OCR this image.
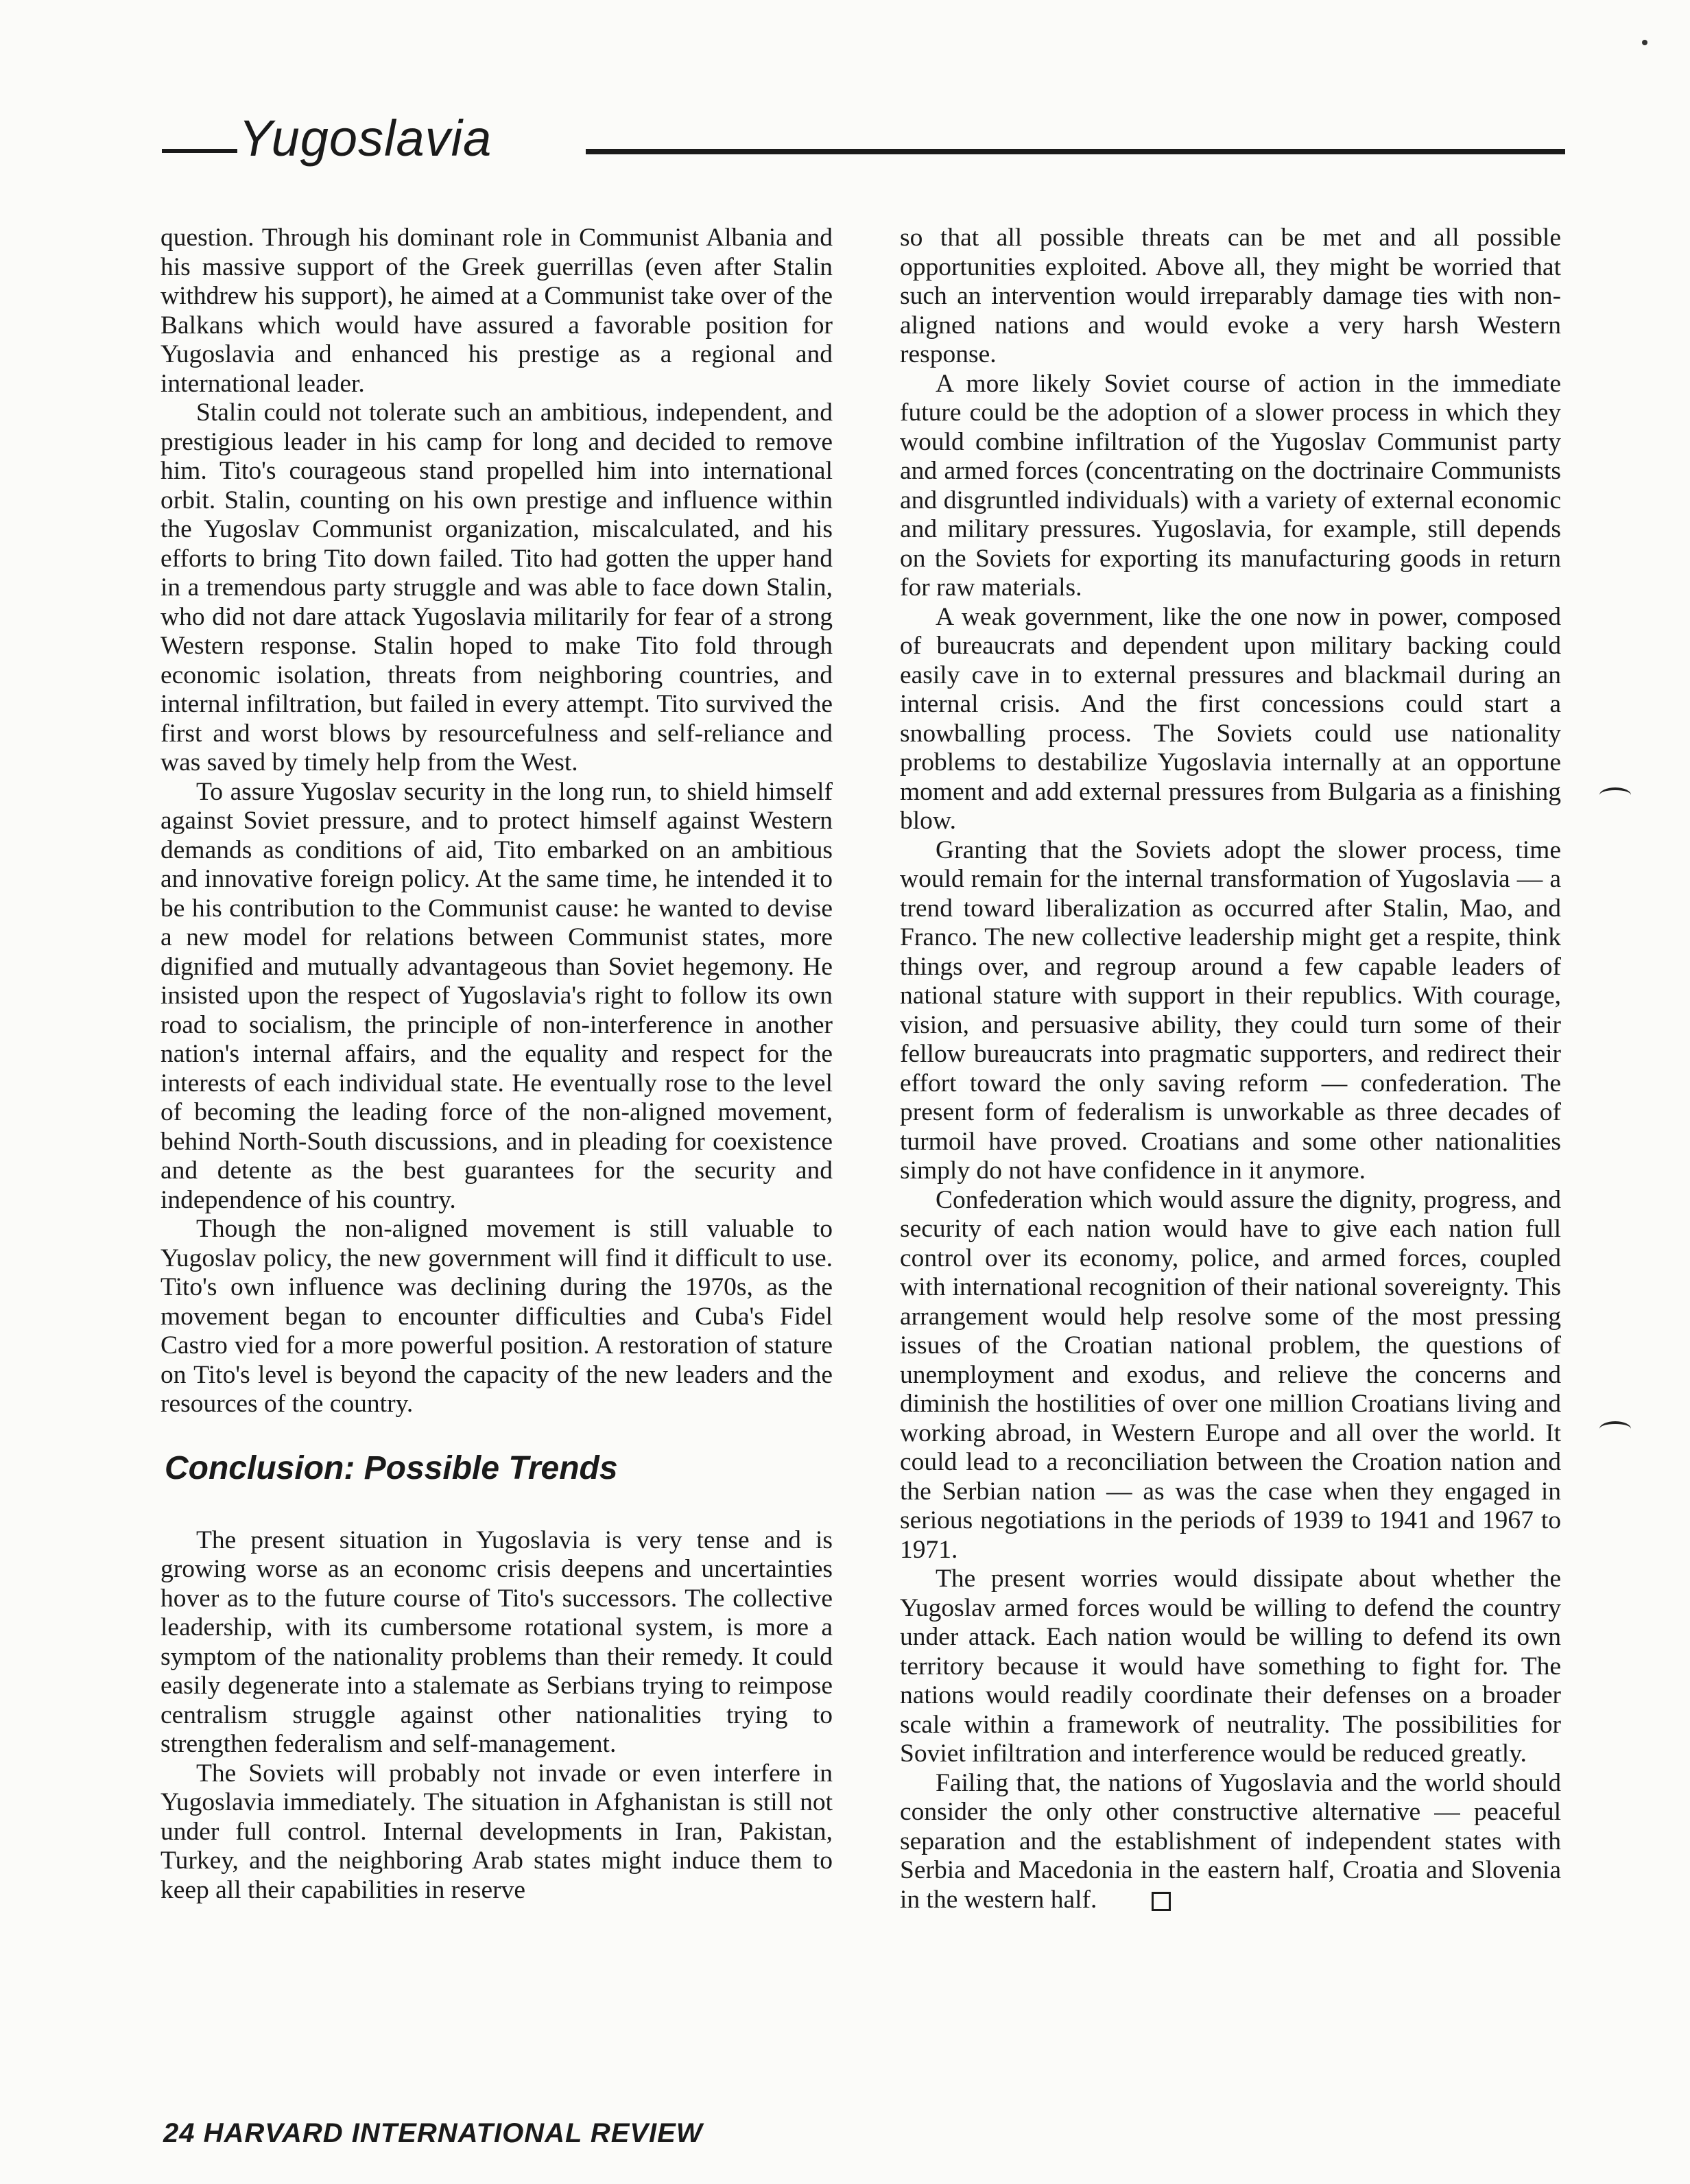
Yugoslavia

question. Through his dominant role in Communist Albania and his massive support of the Greek guerrillas (even after Stalin withdrew his support), he aimed at a Communist take over of the Balkans which would have assured a favorable position for Yugoslavia and enhanced his prestige as a regional and international leader.

Stalin could not tolerate such an ambitious, independent, and prestigious leader in his camp for long and decided to remove him. Tito's courageous stand propelled him into international orbit. Stalin, counting on his own prestige and influence within the Yugoslav Communist organization, miscalculated, and his efforts to bring Tito down failed. Tito had gotten the upper hand in a tremendous party struggle and was able to face down Stalin, who did not dare attack Yugoslavia militarily for fear of a strong Western response. Stalin hoped to make Tito fold through economic isolation, threats from neighboring countries, and internal infiltration, but failed in every attempt. Tito survived the first and worst blows by resourcefulness and self-reliance and was saved by timely help from the West.

To assure Yugoslav security in the long run, to shield himself against Soviet pressure, and to protect himself against Western demands as conditions of aid, Tito embarked on an ambitious and innovative foreign policy. At the same time, he intended it to be his contribution to the Communist cause: he wanted to devise a new model for relations between Communist states, more dignified and mutually advantageous than Soviet hegemony. He insisted upon the respect of Yugoslavia's right to follow its own road to socialism, the principle of non-interference in another nation's internal affairs, and the equality and respect for the interests of each individual state. He eventually rose to the level of becoming the leading force of the non-aligned movement, behind North-South discussions, and in pleading for coexistence and detente as the best guarantees for the security and independence of his country.

Though the non-aligned movement is still valuable to Yugoslav policy, the new government will find it difficult to use. Tito's own influence was declining during the 1970s, as the movement began to encounter difficulties and Cuba's Fidel Castro vied for a more powerful position. A restoration of stature on Tito's level is beyond the capacity of the new leaders and the resources of the country.

Conclusion: Possible Trends

The present situation in Yugoslavia is very tense and is growing worse as an economc crisis deepens and uncertainties hover as to the future course of Tito's successors. The collective leadership, with its cumbersome rotational system, is more a symptom of the nationality problems than their remedy. It could easily degenerate into a stalemate as Serbians trying to reimpose centralism struggle against other nationalities trying to strengthen federalism and self-management.

The Soviets will probably not invade or even interfere in Yugoslavia immediately. The situation in Afghanistan is still not under full control. Internal developments in Iran, Pakistan, Turkey, and the neighboring Arab states might induce them to keep all their capabilities in reserve

so that all possible threats can be met and all possible opportunities exploited. Above all, they might be worried that such an intervention would irreparably damage ties with non-aligned nations and would evoke a very harsh Western response.

A more likely Soviet course of action in the immediate future could be the adoption of a slower process in which they would combine infiltration of the Yugoslav Communist party and armed forces (concentrating on the doctrinaire Communists and disgruntled individuals) with a variety of external economic and military pressures. Yugoslavia, for example, still depends on the Soviets for exporting its manufacturing goods in return for raw materials.

A weak government, like the one now in power, composed of bureaucrats and dependent upon military backing could easily cave in to external pressures and blackmail during an internal crisis. And the first concessions could start a snowballing process. The Soviets could use nationality problems to destabilize Yugoslavia internally at an opportune moment and add external pressures from Bulgaria as a finishing blow.

Granting that the Soviets adopt the slower process, time would remain for the internal transformation of Yugoslavia — a trend toward liberalization as occurred after Stalin, Mao, and Franco. The new collective leadership might get a respite, think things over, and regroup around a few capable leaders of national stature with support in their republics. With courage, vision, and persuasive ability, they could turn some of their fellow bureaucrats into pragmatic supporters, and redirect their effort toward the only saving reform — confederation. The present form of federalism is unworkable as three decades of turmoil have proved. Croatians and some other nationalities simply do not have confidence in it anymore.

Confederation which would assure the dignity, progress, and security of each nation would have to give each nation full control over its economy, police, and armed forces, coupled with international recognition of their national sovereignty. This arrangement would help resolve some of the most pressing issues of the Croatian national problem, the questions of unemployment and exodus, and relieve the concerns and diminish the hostilities of over one million Croatians living and working abroad, in Western Europe and all over the world. It could lead to a reconciliation between the Croation nation and the Serbian nation — as was the case when they engaged in serious negotiations in the periods of 1939 to 1941 and 1967 to 1971.

The present worries would dissipate about whether the Yugoslav armed forces would be willing to defend the country under attack. Each nation would be willing to defend its own territory because it would have something to fight for. The nations would readily coordinate their defenses on a broader scale within a framework of neutrality. The possibilities for Soviet infiltration and interference would be reduced greatly.

Failing that, the nations of Yugoslavia and the world should consider the only other constructive alternative — peaceful separation and the establishment of independent states with Serbia and Macedonia in the eastern half, Croatia and Slovenia in the western half.

24 HARVARD INTERNATIONAL REVIEW
